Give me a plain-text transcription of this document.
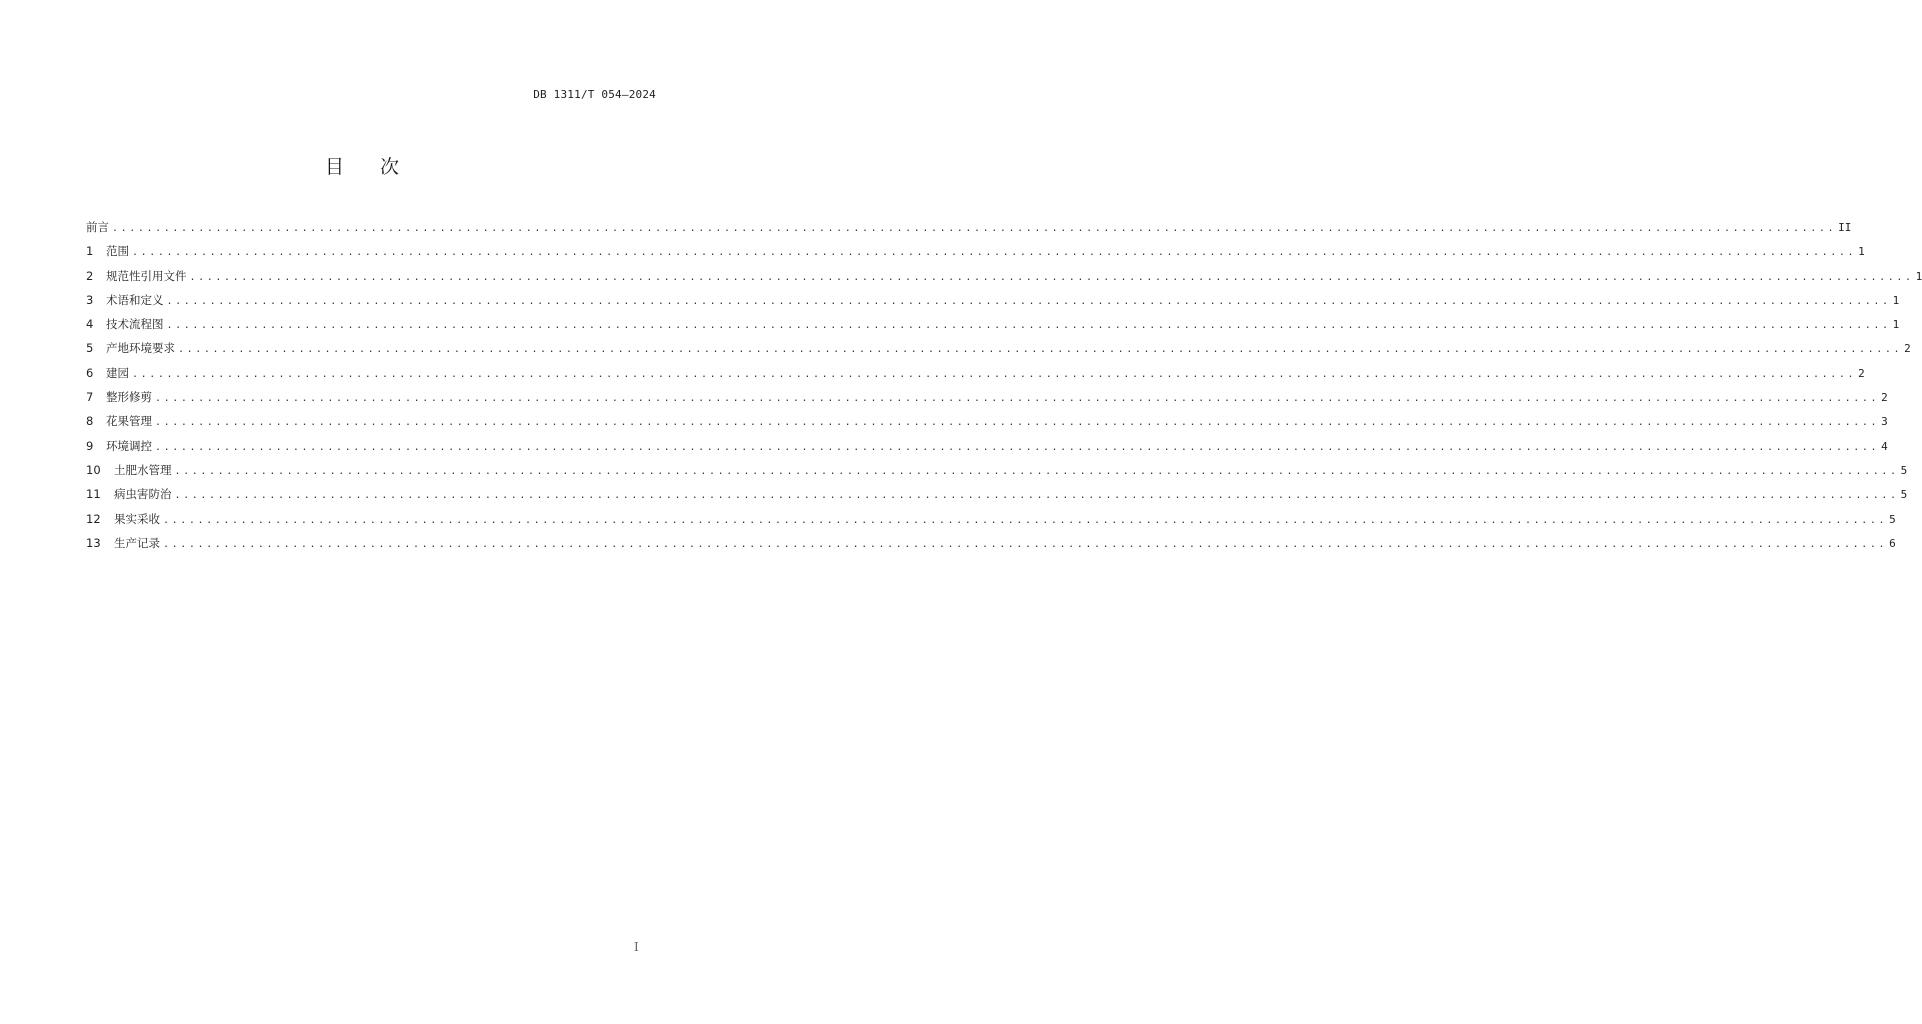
DB 1311/T 054—2024
目 次
前言 ........................................................................................................................................................................................................ II
1	范围 ........................................................................................................................................................................................................ 1
2	规范性引用文件 ........................................................................................................................................................................................................ 1
3	术语和定义 ........................................................................................................................................................................................................ 1
4	技术流程图 ........................................................................................................................................................................................................ 1
5	产地环境要求 ........................................................................................................................................................................................................ 2
6	建园 ........................................................................................................................................................................................................ 2
7	整形修剪 ........................................................................................................................................................................................................ 2
8	花果管理 ........................................................................................................................................................................................................ 3
9	环境调控 ........................................................................................................................................................................................................ 4
10	土肥水管理 ........................................................................................................................................................................................................ 5
11	病虫害防治 ........................................................................................................................................................................................................ 5
12	果实采收 ........................................................................................................................................................................................................ 5
13	生产记录 ........................................................................................................................................................................................................ 6
I
